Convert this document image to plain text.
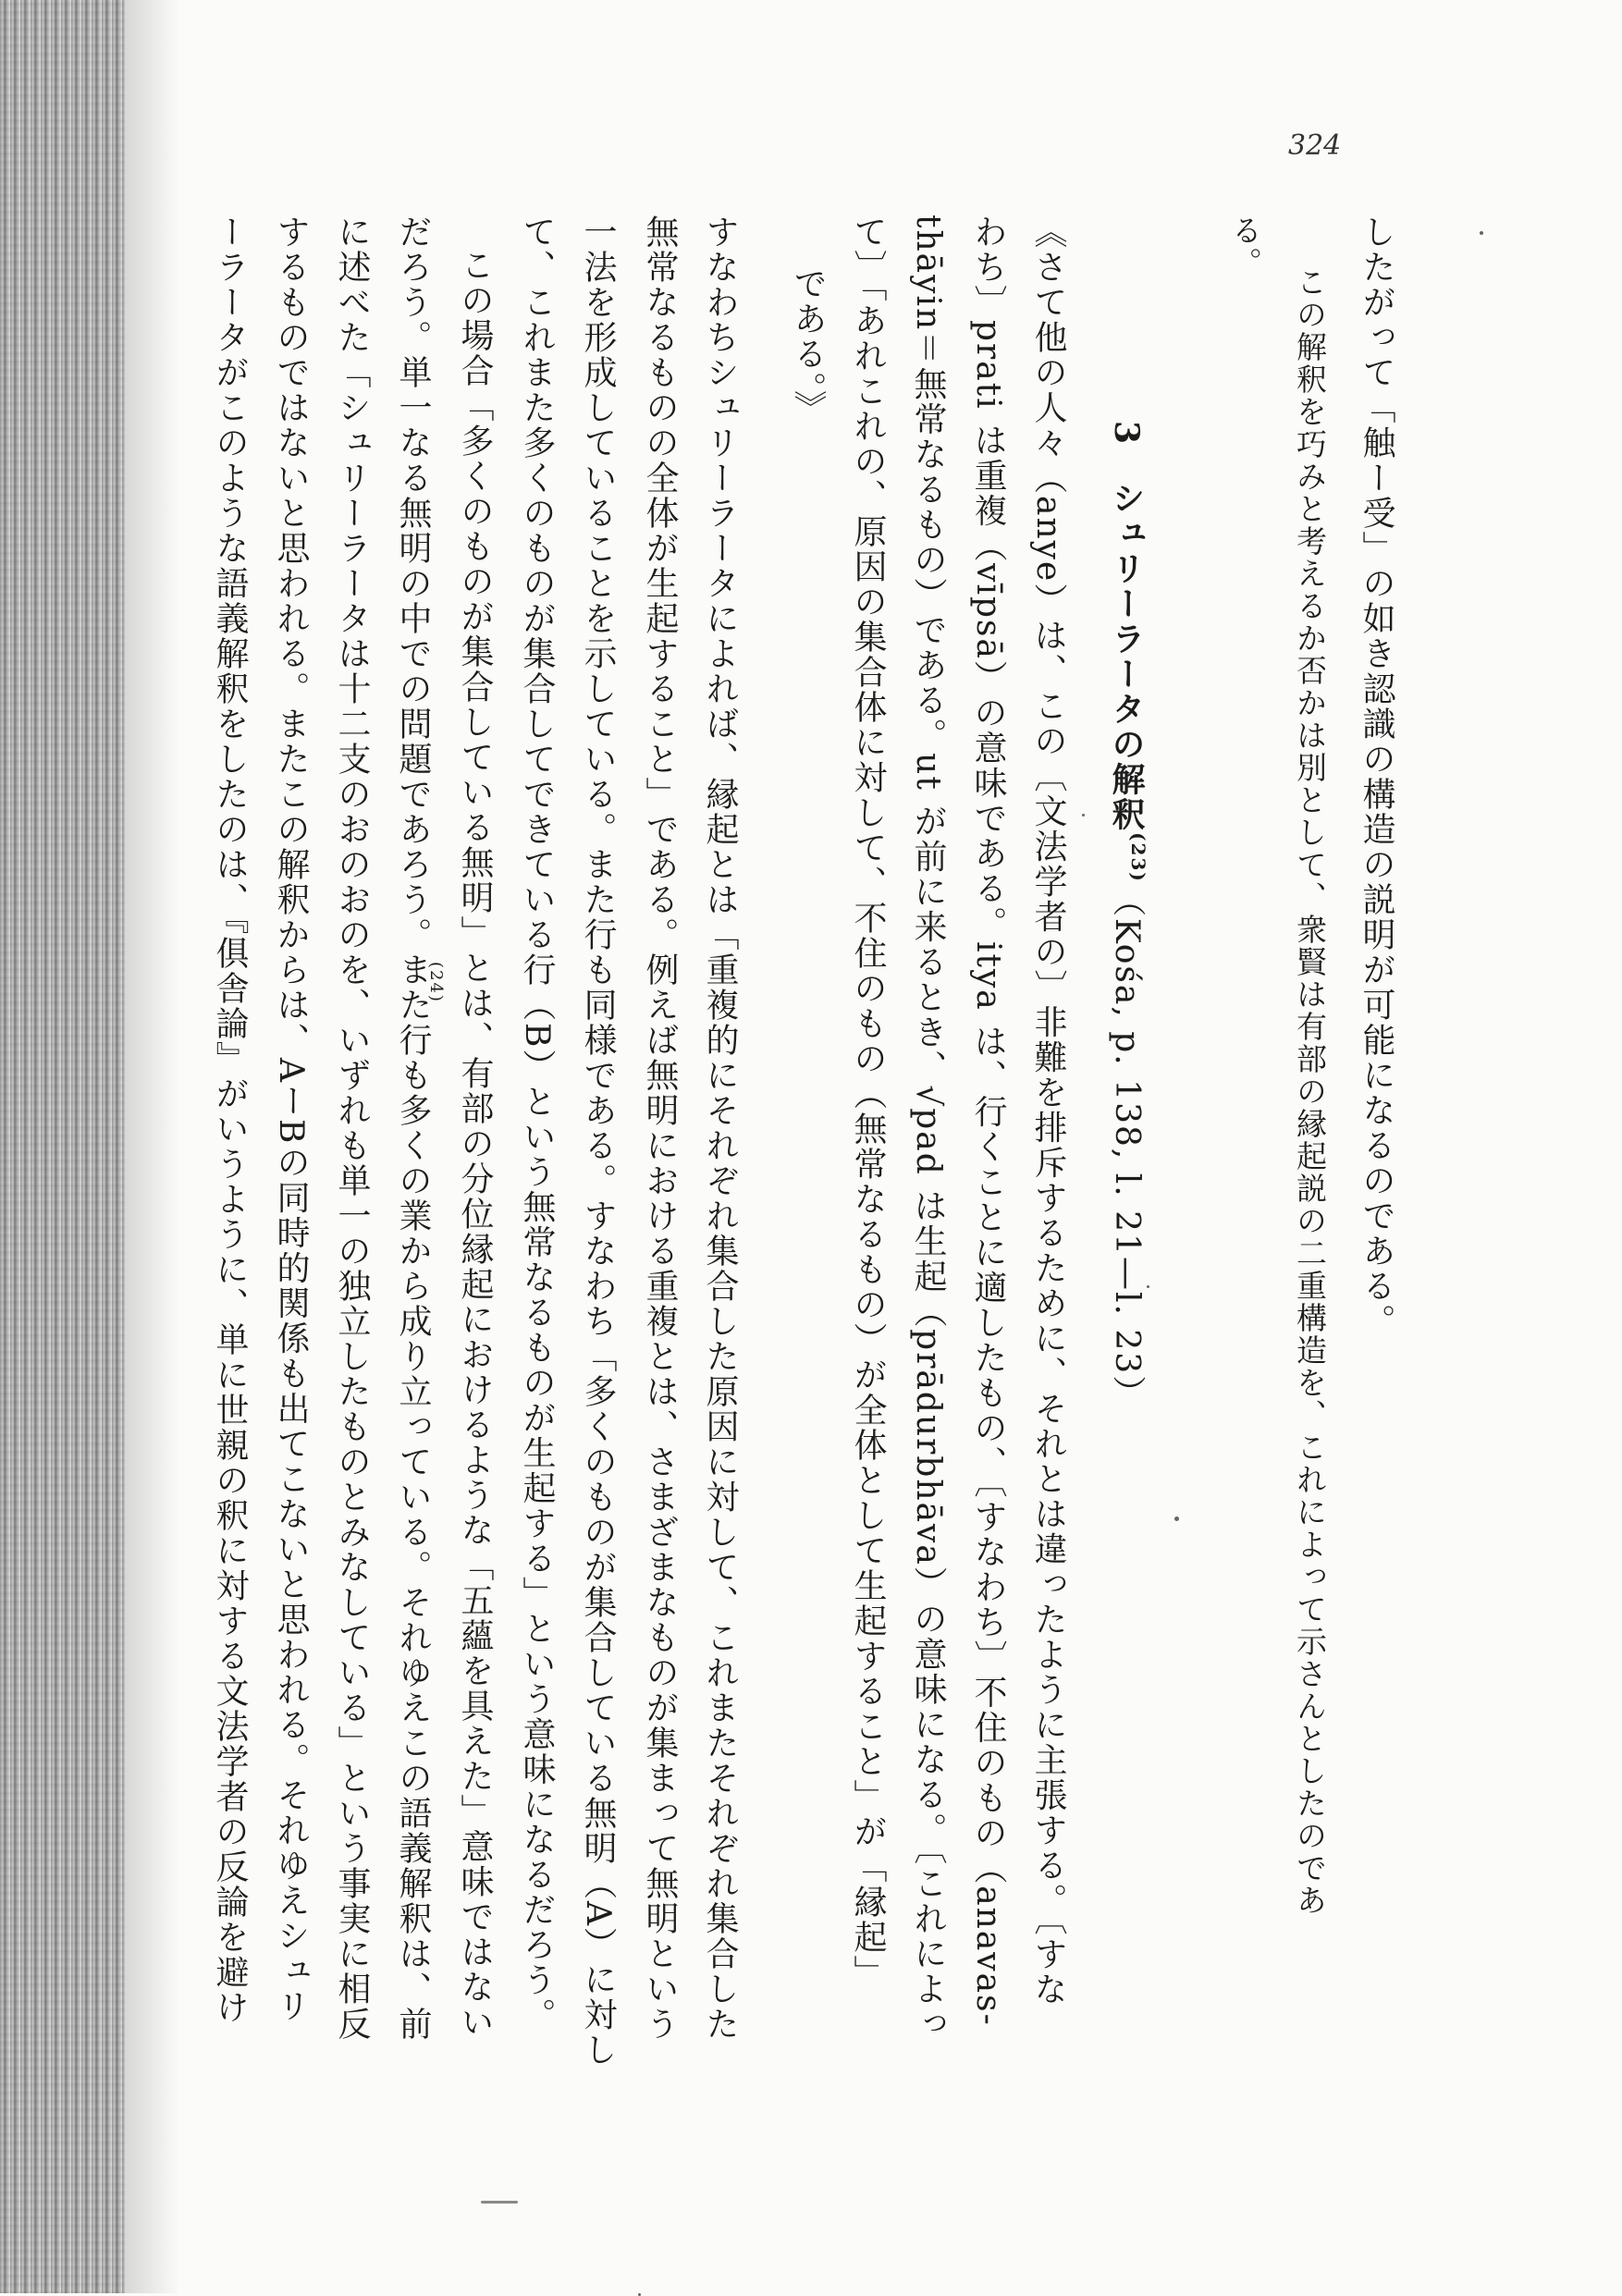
324
したがって「触ー受」の如き認識の構造の説明が可能になるのである。
この解釈を巧みと考えるか否かは別として、衆賢は有部の縁起説の二重構造を、これによって示さんとしたのであ
る。
《さて他の人々（anye）は、この〔文法学者の〕非難を排斥するために、それとは違ったように主張する。〔すな
わち〕prati は重複（vīpsā）の意味である。itya は、行くことに適したもの、〔すなわち〕不住のもの（anavas-
thāyin＝無常なるもの）である。ut が前に来るとき、√pad は生起（prādurbhāva）の意味になる。〔これによっ
て〕「あれこれの、原因の集合体に対して、不住のもの（無常なるもの）が全体として生起すること」が「縁起」
である。》
3　シュリーラータの解釈$^{(23)}$（Kośa, p. 138, l. 21—l. 23）
すなわちシュリーラータによれば、縁起とは「重複的にそれぞれ集合した原因に対して、これまたそれぞれ集合した
無常なるものの全体が生起すること」である。例えば無明における重複とは、さまざまなものが集まって無明という
一法を形成していることを示している。また行も同様である。すなわち「多くのものが集合している無明（A）に対し
て、これまた多くのものが集合してできている行（B）という無常なるものが生起する」という意味になるだろう。
この場合「多くのものが集合している無明」とは、有部の分位縁起におけるような「五蘊を具えた」意味ではない
だろう。単一なる無明の中での問題であろう。また行も多くの業から成り立っている。それゆえこの語義解釈は、前
(24)
に述べた「シュリーラータは十二支のおのおのを、いずれも単一の独立したものとみなしている」という事実に相反
するものではないと思われる。またこの解釈からは、AーBの同時的関係も出てこないと思われる。それゆえシュリ
ーラータがこのような語義解釈をしたのは、『俱舎論』がいうように、単に世親の釈に対する文法学者の反論を避け
